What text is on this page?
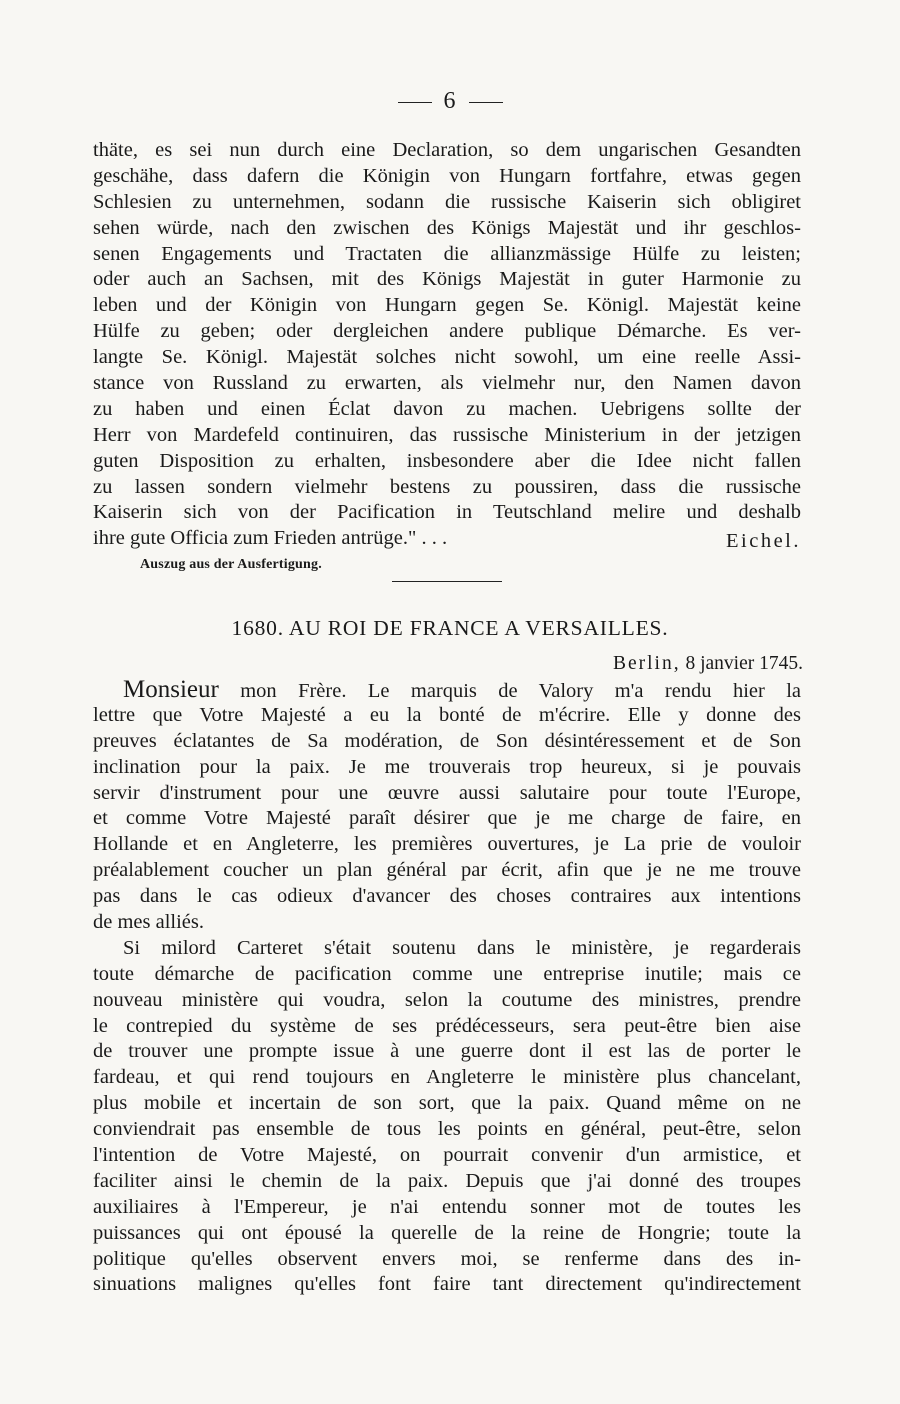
6
thäte, es sei nun durch eine Declaration, so dem ungarischen Gesandten
geschähe, dass dafern die Königin von Hungarn fortfahre, etwas gegen
Schlesien zu unternehmen, sodann die russische Kaiserin sich obligiret
sehen würde, nach den zwischen des Königs Majestät und ihr geschlos-
senen Engagements und Tractaten die allianzmässige Hülfe zu leisten;
oder auch an Sachsen, mit des Königs Majestät in guter Harmonie zu
leben und der Königin von Hungarn gegen Se. Königl. Majestät keine
Hülfe zu geben; oder dergleichen andere publique Démarche. Es ver-
langte Se. Königl. Majestät solches nicht sowohl, um eine reelle Assi-
stance von Russland zu erwarten, als vielmehr nur, den Namen davon
zu haben und einen Éclat davon zu machen. Uebrigens sollte der
Herr von Mardefeld continuiren, das russische Ministerium in der jetzigen
guten Disposition zu erhalten, insbesondere aber die Idee nicht fallen
zu lassen sondern vielmehr bestens zu poussiren, dass die russische
Kaiserin sich von der Pacification in Teutschland melire und deshalb
ihre gute Officia zum Frieden antrüge." . . .	Eichel.
Auszug aus der Ausfertigung.
1680. AU ROI DE FRANCE A VERSAILLES.
Berlin, 8 janvier 1745.
Monsieur mon Frère. Le marquis de Valory m'a rendu hier la
lettre que Votre Majesté a eu la bonté de m'écrire. Elle y donne des
preuves éclatantes de Sa modération, de Son désintéressement et de Son
inclination pour la paix. Je me trouverais trop heureux, si je pouvais
servir d'instrument pour une œuvre aussi salutaire pour toute l'Europe,
et comme Votre Majesté paraît désirer que je me charge de faire, en
Hollande et en Angleterre, les premières ouvertures, je La prie de vouloir
préalablement coucher un plan général par écrit, afin que je ne me trouve
pas dans le cas odieux d'avancer des choses contraires aux intentions
de mes alliés.
Si milord Carteret s'était soutenu dans le ministère, je regarderais
toute démarche de pacification comme une entreprise inutile; mais ce
nouveau ministère qui voudra, selon la coutume des ministres, prendre
le contrepied du système de ses prédécesseurs, sera peut-être bien aise
de trouver une prompte issue à une guerre dont il est las de porter le
fardeau, et qui rend toujours en Angleterre le ministère plus chancelant,
plus mobile et incertain de son sort, que la paix. Quand même on ne
conviendrait pas ensemble de tous les points en général, peut-être, selon
l'intention de Votre Majesté, on pourrait convenir d'un armistice, et
faciliter ainsi le chemin de la paix. Depuis que j'ai donné des troupes
auxiliaires à l'Empereur, je n'ai entendu sonner mot de toutes les
puissances qui ont épousé la querelle de la reine de Hongrie; toute la
politique qu'elles observent envers moi, se renferme dans des in-
sinuations malignes qu'elles font faire tant directement qu'indirectement
